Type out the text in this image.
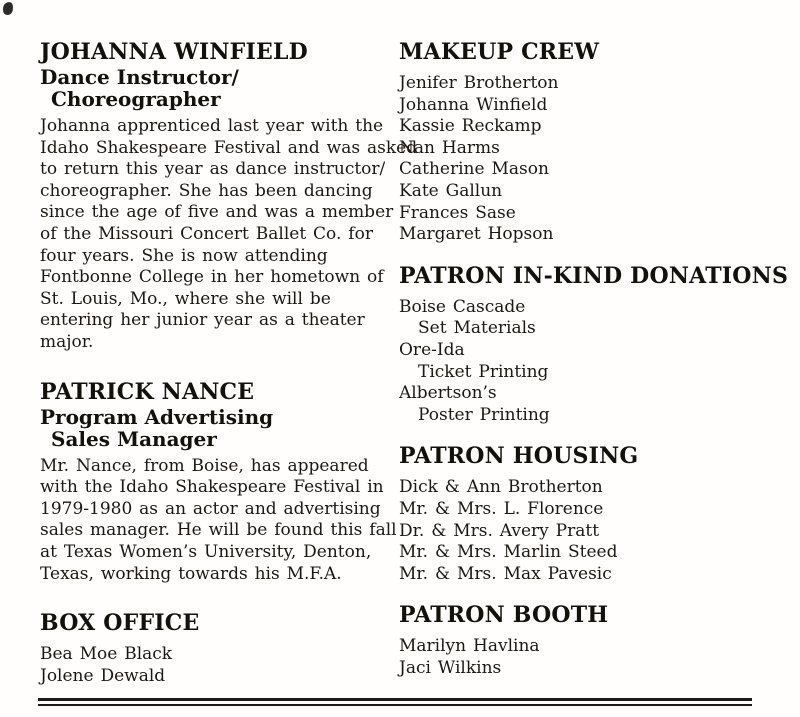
JOHANNA WINFIELD
Dance Instructor/
Choreographer
Johanna apprenticed last year with the
Idaho Shakespeare Festival and was asked
to return this year as dance instructor/
choreographer. She has been dancing
since the age of five and was a member
of the Missouri Concert Ballet Co. for
four years. She is now attending
Fontbonne College in her hometown of
St. Louis, Mo., where she will be
entering her junior year as a theater
major.
PATRICK NANCE
Program Advertising
Sales Manager
Mr. Nance, from Boise, has appeared
with the Idaho Shakespeare Festival in
1979-1980 as an actor and advertising
sales manager. He will be found this fall
at Texas Women’s University, Denton,
Texas, working towards his M.F.A.
BOX OFFICE
Bea Moe Black
Jolene Dewald
MAKEUP CREW
Jenifer Brotherton
Johanna Winfield
Kassie Reckamp
Nan Harms
Catherine Mason
Kate Gallun
Frances Sase
Margaret Hopson
PATRON IN-KIND DONATIONS
Boise Cascade
Set Materials
Ore-Ida
Ticket Printing
Albertson’s
Poster Printing
PATRON HOUSING
Dick & Ann Brotherton
Mr. & Mrs. L. Florence
Dr. & Mrs. Avery Pratt
Mr. & Mrs. Marlin Steed
Mr. & Mrs. Max Pavesic
PATRON BOOTH
Marilyn Havlina
Jaci Wilkins
